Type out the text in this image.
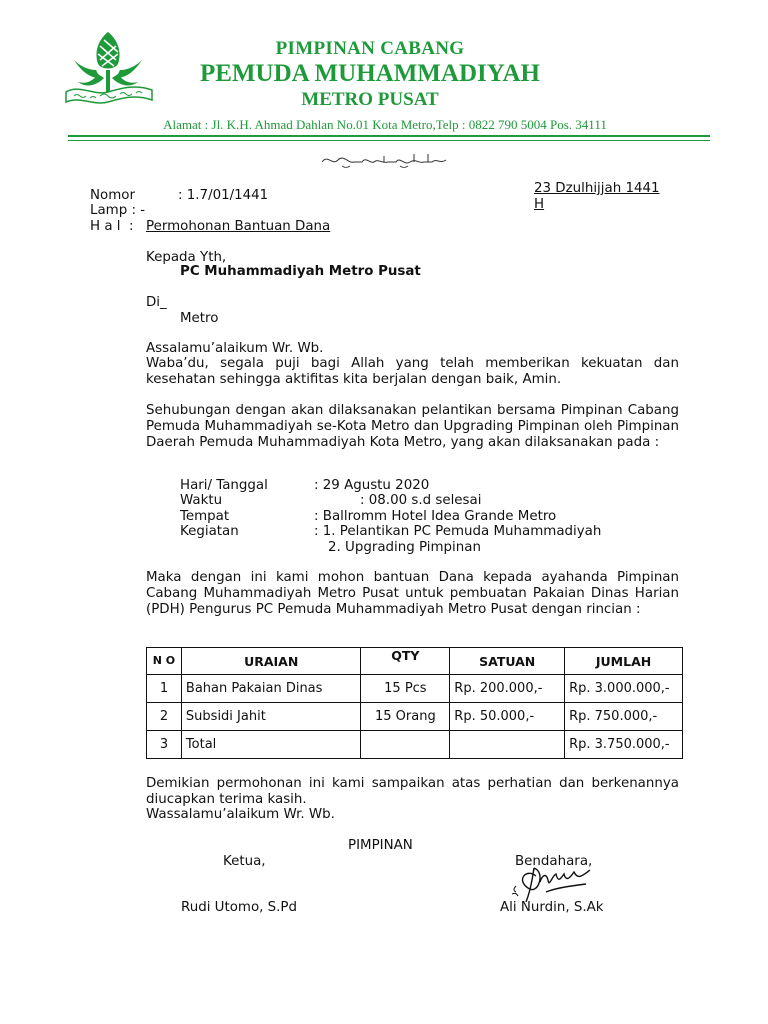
PIMPINAN CABANG
PEMUDA MUHAMMADIYAH
METRO PUSAT
Alamat : Jl. K.H. Ahmad Dahlan No.01 Kota Metro,Telp : 0822 790 5004 Pos. 34111
Nomor	: 1.7/01/1441
Lamp : -
H a l  : Permohonan Bantuan Dana
23 Dzulhijjah 1441
H
Kepada Yth,
PC Muhammadiyah Metro Pusat
Di_
Metro
Assalamu’alaikum Wr. Wb.
Waba’du, segala puji bagi Allah yang telah memberikan kekuatan dan kesehatan sehingga aktifitas kita berjalan dengan baik, Amin.
Sehubungan dengan akan dilaksanakan pelantikan bersama Pimpinan Cabang Pemuda Muhammadiyah se-Kota Metro dan Upgrading Pimpinan oleh Pimpinan Daerah Pemuda Muhammadiyah Kota Metro, yang akan dilaksanakan pada :
Hari/ Tanggal	: 29 Agustu 2020
Waktu	: 08.00 s.d selesai
Tempat	: Ballromm Hotel Idea Grande Metro
Kegiatan	: 1. Pelantikan PC Pemuda Muhammadiyah
2. Upgrading Pimpinan
Maka dengan ini kami mohon bantuan Dana kepada ayahanda Pimpinan Cabang Muhammadiyah Metro Pusat untuk pembuatan Pakaian Dinas Harian (PDH) Pengurus PC Pemuda Muhammadiyah Metro Pusat dengan rincian :
N O	URAIAN	QTY	SATUAN	JUMLAH
1	Bahan Pakaian Dinas	15 Pcs	Rp. 200.000,-	Rp. 3.000.000,-
2	Subsidi Jahit	15 Orang	Rp. 50.000,-	Rp. 750.000,-
3	Total			Rp. 3.750.000,-
Demikian permohonan ini kami sampaikan atas perhatian dan berkenannya diucapkan terima kasih.
Wassalamu’alaikum Wr. Wb.
PIMPINAN
Ketua,	Bendahara,
Rudi Utomo, S.Pd	Ali Nurdin, S.Ak
